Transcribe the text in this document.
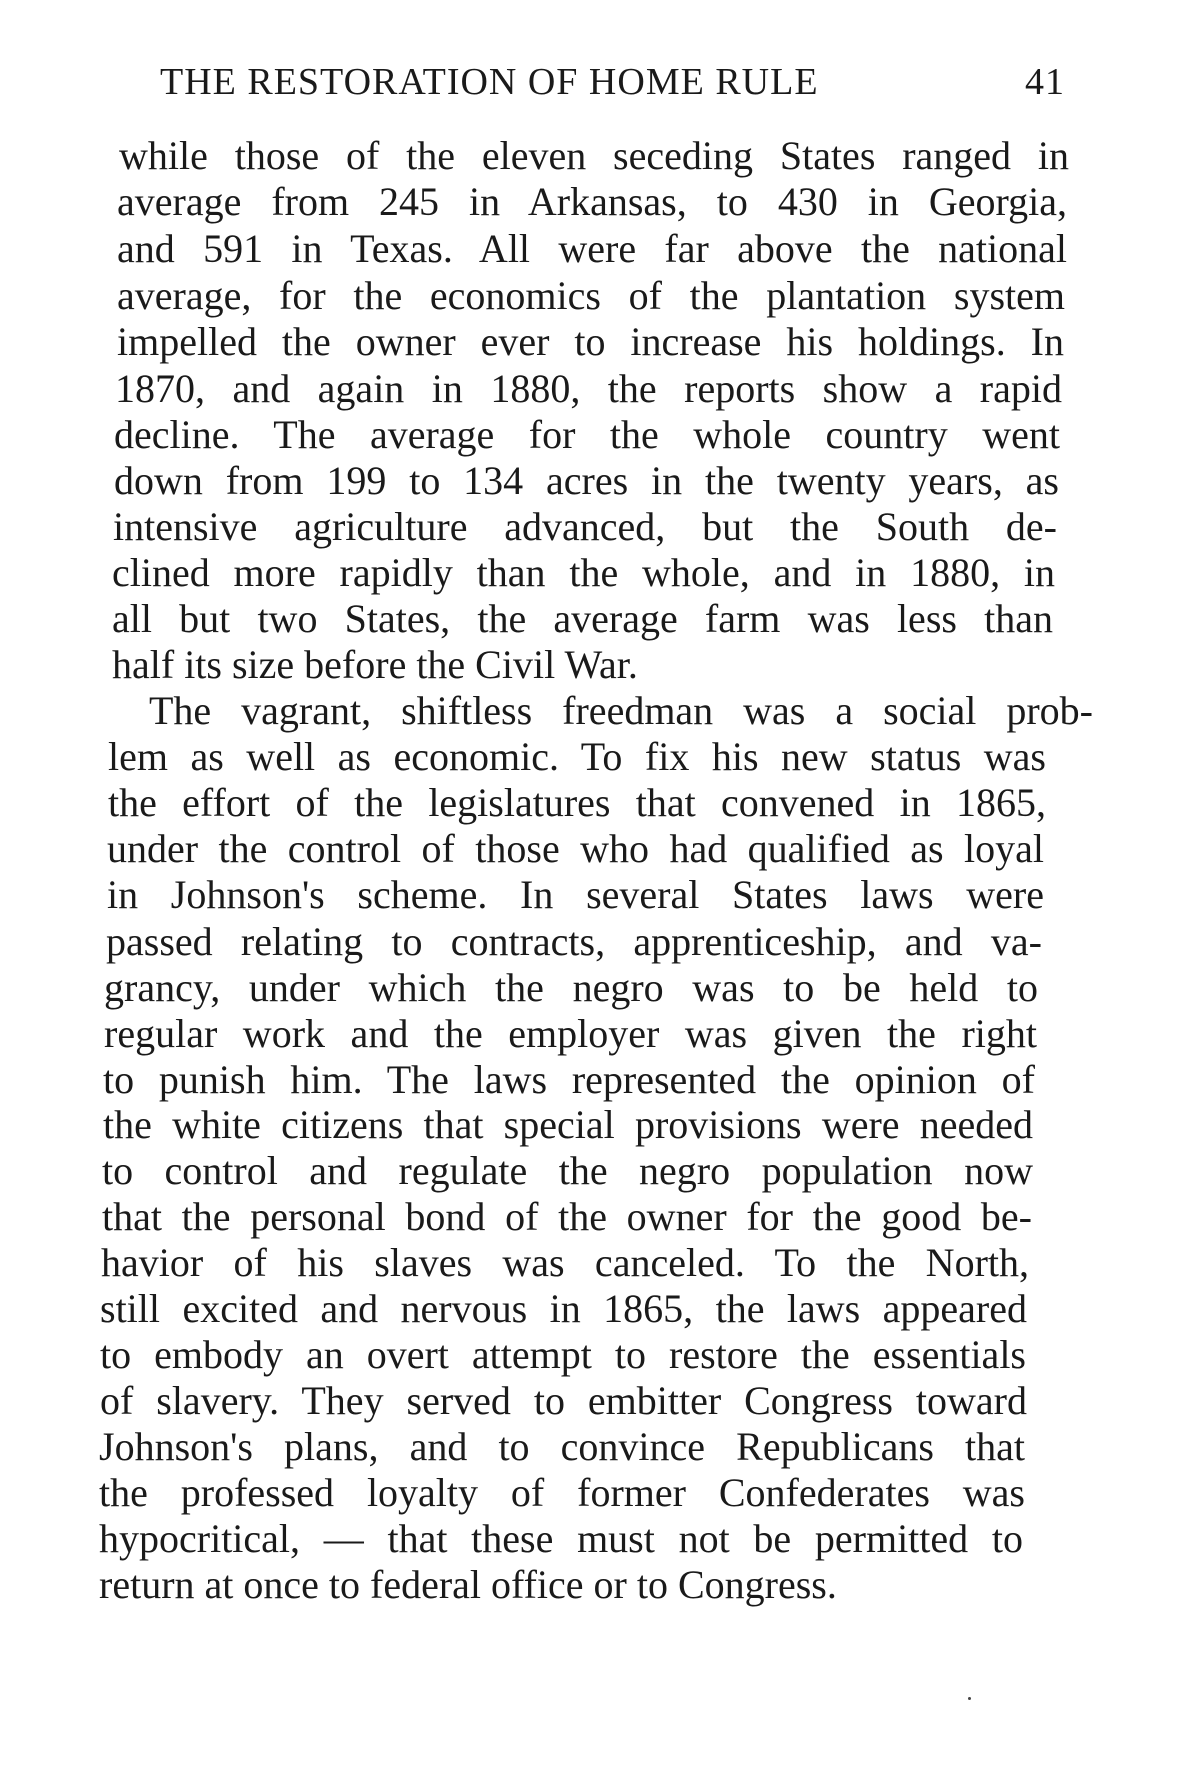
THE RESTORATION OF HOME RULE	41
while those of the eleven seceding States ranged in
average from 245 in Arkansas, to 430 in Georgia,
and 591 in Texas. All were far above the national
average, for the economics of the plantation system
impelled the owner ever to increase his holdings. In
1870, and again in 1880, the reports show a rapid
decline. The average for the whole country went
down from 199 to 134 acres in the twenty years, as
intensive agriculture advanced, but the South de-
clined more rapidly than the whole, and in 1880, in
all but two States, the average farm was less than
half its size before the Civil War.
The vagrant, shiftless freedman was a social prob-
lem as well as economic. To fix his new status was
the effort of the legislatures that convened in 1865,
under the control of those who had qualified as loyal
in Johnson's scheme. In several States laws were
passed relating to contracts, apprenticeship, and va-
grancy, under which the negro was to be held to
regular work and the employer was given the right
to punish him. The laws represented the opinion of
the white citizens that special provisions were needed
to control and regulate the negro population now
that the personal bond of the owner for the good be-
havior of his slaves was canceled. To the North,
still excited and nervous in 1865, the laws appeared
to embody an overt attempt to restore the essentials
of slavery. They served to embitter Congress toward
Johnson's plans, and to convince Republicans that
the professed loyalty of former Confederates was
hypocritical, — that these must not be permitted to
return at once to federal office or to Congress.
